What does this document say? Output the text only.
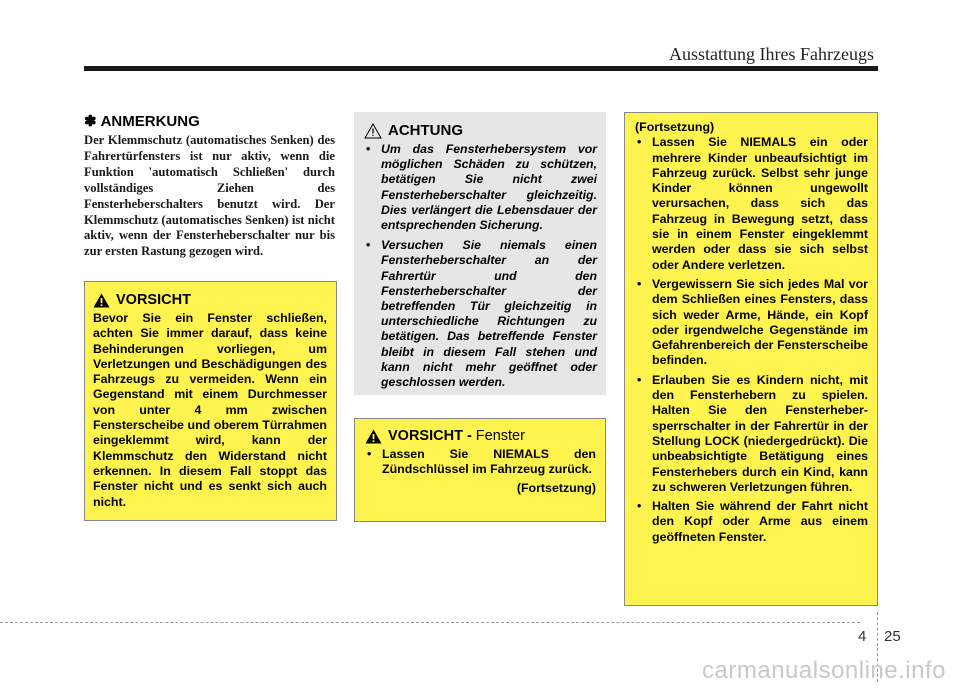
Ausstattung Ihres Fahrzeugs
✽ ANMERKUNG
Der Klemmschutz (automatisches Senken) des Fahrertürfensters ist nur aktiv, wenn die Funktion 'automatisch Schließen' durch vollständiges Ziehen des Fensterheberschalters benutzt wird. Der Klemmschutz (automatisches Senken) ist nicht aktiv, wenn der Fensterheberschalter nur bis zur ersten Rastung gezogen wird.
VORSICHT
Bevor Sie ein Fenster schließen, achten Sie immer darauf, dass keine Behinderungen vorliegen, um Verletzungen und Beschädigungen des Fahrzeugs zu vermeiden. Wenn ein Gegenstand mit einem Durchmesser von unter 4 mm zwischen Fensterscheibe und oberem Türrahmen eingeklemmt wird, kann der Klemmschutz den Widerstand nicht erkennen. In diesem Fall stoppt das Fenster nicht und es senkt sich auch nicht.
ACHTUNG
• Um das Fensterhebersystem vor möglichen Schäden zu schützen, betätigen Sie nicht zwei Fensterheberschalter gleichzeitig. Dies verlängert die Lebensdauer der entsprechenden Sicherung.
• Versuchen Sie niemals einen Fensterheberschalter an der Fahrertür und den Fensterheberschalter der betreffenden Tür gleichzeitig in unterschiedliche Richtungen zu betätigen. Das betreffende Fenster bleibt in diesem Fall stehen und kann nicht mehr geöffnet oder geschlossen werden.
VORSICHT - Fenster
• Lassen Sie NIEMALS den Zündschlüssel im Fahrzeug zurück.
(Fortsetzung)
(Fortsetzung)
• Lassen Sie NIEMALS ein oder mehrere Kinder unbeaufsichtigt im Fahrzeug zurück. Selbst sehr junge Kinder können ungewollt verursachen, dass sich das Fahrzeug in Bewegung setzt, dass sie in einem Fenster eingeklemmt werden oder dass sie sich selbst oder Andere verletzen.
• Vergewissern Sie sich jedes Mal vor dem Schließen eines Fensters, dass sich weder Arme, Hände, ein Kopf oder irgendwelche Gegenstände im Gefahrenbereich der Fensterscheibe befinden.
• Erlauben Sie es Kindern nicht, mit den Fensterhebern zu spielen. Halten Sie den Fensterheber-sperrschalter in der Fahrertür in der Stellung LOCK (niedergedrückt). Die unbeabsichtigte Betätigung eines Fensterhebers durch ein Kind, kann zu schweren Verletzungen führen.
• Halten Sie während der Fahrt nicht den Kopf oder Arme aus einem geöffneten Fenster.
4 25
carmanualsonline.info
